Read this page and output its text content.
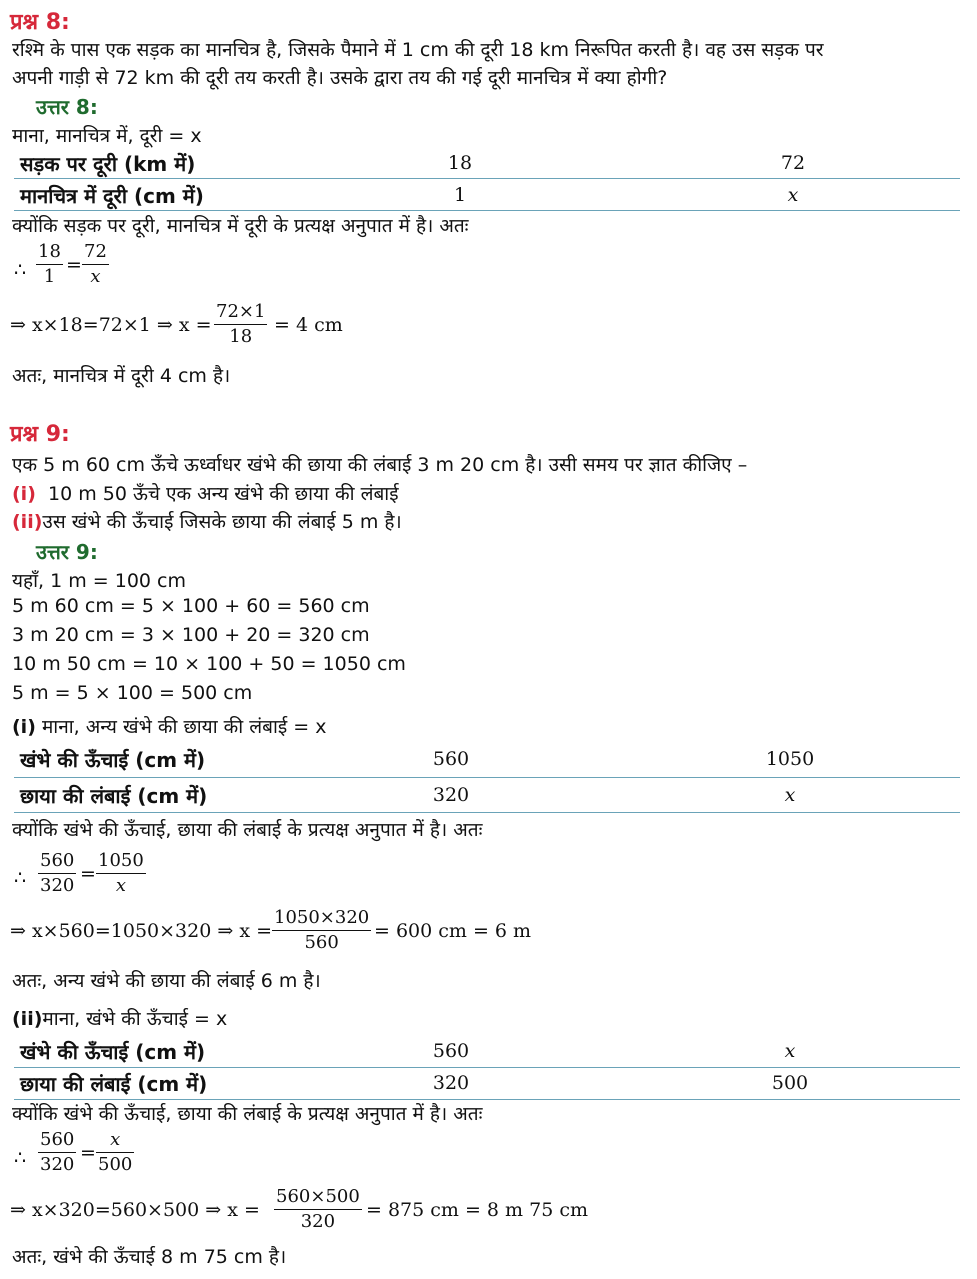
प्रश्न 8:
रश्मि के पास एक सड़क का मानचित्र है, जिसके पैमाने में 1 cm की दूरी 18 km निरूपित करती है। वह उस सड़क पर
अपनी गाड़ी से 72 km की दूरी तय करती है। उसके द्वारा तय की गई दूरी मानचित्र में क्या होगी?
उत्तर 8:
माना, मानचित्र में, दूरी = x
सड़क पर दूरी (km में)	18	72
मानचित्र में दूरी (cm में)	1	x
क्योंकि सड़क पर दूरी, मानचित्र में दूरी के प्रत्यक्ष अनुपात में है। अतः
∴ $\frac{18}{1} = \frac{72}{x}$
⇒ x×18=72×1 ⇒ $x = \frac{72\times 1}{18} = 4$ cm
अतः, मानचित्र में दूरी 4 cm है।
प्रश्न 9:
एक 5 m 60 cm ऊँचे ऊर्ध्वाधर खंभे की छाया की लंबाई 3 m 20 cm है। उसी समय पर ज्ञात कीजिए –
(i) 10 m 50 ऊँचे एक अन्य खंभे की छाया की लंबाई
(ii)उस खंभे की ऊँचाई जिसके छाया की लंबाई 5 m है।
उत्तर 9:
यहाँ, 1 m = 100 cm
5 m 60 cm = 5 × 100 + 60 = 560 cm
3 m 20 cm = 3 × 100 + 20 = 320 cm
10 m 50 cm = 10 × 100 + 50 = 1050 cm
5 m = 5 × 100 = 500 cm
(i) माना, अन्य खंभे की छाया की लंबाई = x
खंभे की ऊँचाई (cm में)	560	1050
छाया की लंबाई (cm में)	320	x
क्योंकि खंभे की ऊँचाई, छाया की लंबाई के प्रत्यक्ष अनुपात में है। अतः
∴ $\frac{560}{320} = \frac{1050}{x}$
⇒ x×560=1050×320 ⇒ $x = \frac{1050\times 320}{560} = 600$ cm = 6 m
अतः, अन्य खंभे की छाया की लंबाई 6 m है।
(ii)माना, खंभे की ऊँचाई = x
खंभे की ऊँचाई (cm में)	560	x
छाया की लंबाई (cm में)	320	500
क्योंकि खंभे की ऊँचाई, छाया की लंबाई के प्रत्यक्ष अनुपात में है। अतः
∴ $\frac{560}{320} = \frac{x}{500}$
⇒ x×320=560×500 ⇒ $x = \frac{560\times 500}{320} = 875$ cm = 8 m 75 cm
अतः, खंभे की ऊँचाई 8 m 75 cm है।
